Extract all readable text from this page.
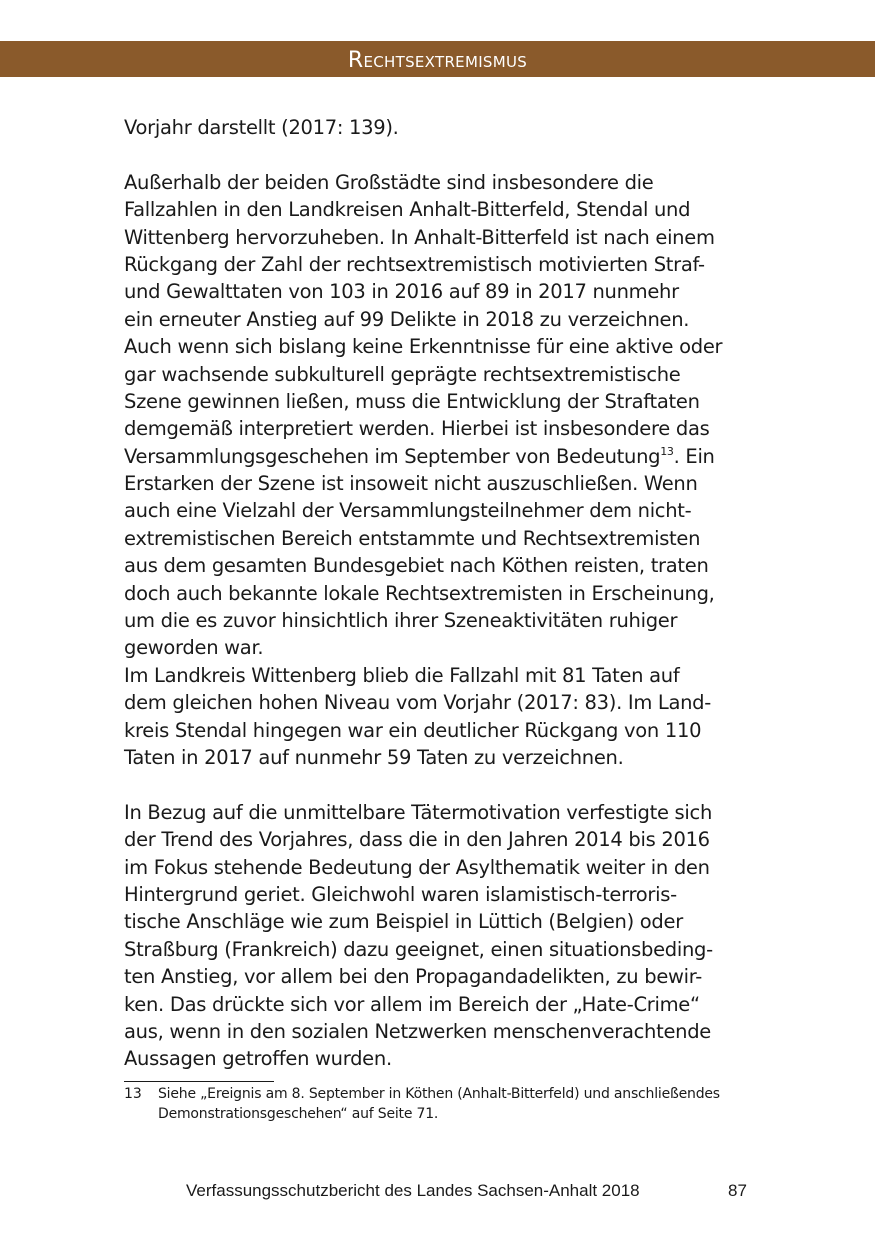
Rechtsextremismus
Vorjahr darstellt (2017: 139).
Außerhalb der beiden Großstädte sind insbesondere die
Fallzahlen in den Landkreisen Anhalt-Bitterfeld, Stendal und
Wittenberg hervorzuheben. In Anhalt-Bitterfeld ist nach einem
Rückgang der Zahl der rechtsextremistisch motivierten Straf-
und Gewalttaten von 103 in 2016 auf 89 in 2017 nunmehr
ein erneuter Anstieg auf 99 Delikte in 2018 zu verzeichnen.
Auch wenn sich bislang keine Erkenntnisse für eine aktive oder
gar wachsende subkulturell geprägte rechtsextremistische
Szene gewinnen ließen, muss die Entwicklung der Straftaten
demgemäß interpretiert werden. Hierbei ist insbesondere das
Versammlungsgeschehen im September von Bedeutung$^{13}$. Ein
Erstarken der Szene ist insoweit nicht auszuschließen. Wenn
auch eine Vielzahl der Versammlungsteilnehmer dem nicht-
extremistischen Bereich entstammte und Rechtsextremisten
aus dem gesamten Bundesgebiet nach Köthen reisten, traten
doch auch bekannte lokale Rechtsextremisten in Erscheinung,
um die es zuvor hinsichtlich ihrer Szeneaktivitäten ruhiger
geworden war.
Im Landkreis Wittenberg blieb die Fallzahl mit 81 Taten auf
dem gleichen hohen Niveau vom Vorjahr (2017: 83). Im Land-
kreis Stendal hingegen war ein deutlicher Rückgang von 110
Taten in 2017 auf nunmehr 59 Taten zu verzeichnen.
In Bezug auf die unmittelbare Tätermotivation verfestigte sich
der Trend des Vorjahres, dass die in den Jahren 2014 bis 2016
im Fokus stehende Bedeutung der Asylthematik weiter in den
Hintergrund geriet. Gleichwohl waren islamistisch-terroris-
tische Anschläge wie zum Beispiel in Lüttich (Belgien) oder
Straßburg (Frankreich) dazu geeignet, einen situationsbeding-
ten Anstieg, vor allem bei den Propagandadelikten, zu bewir-
ken. Das drückte sich vor allem im Bereich der „Hate-Crime“
aus, wenn in den sozialen Netzwerken menschenverachtende
Aussagen getroffen wurden.
13	Siehe „Ereignis am 8. September in Köthen (Anhalt-Bitterfeld) und anschließendes
Demonstrationsgeschehen“ auf Seite 71.
Verfassungsschutzbericht des Landes Sachsen-Anhalt 2018	87
